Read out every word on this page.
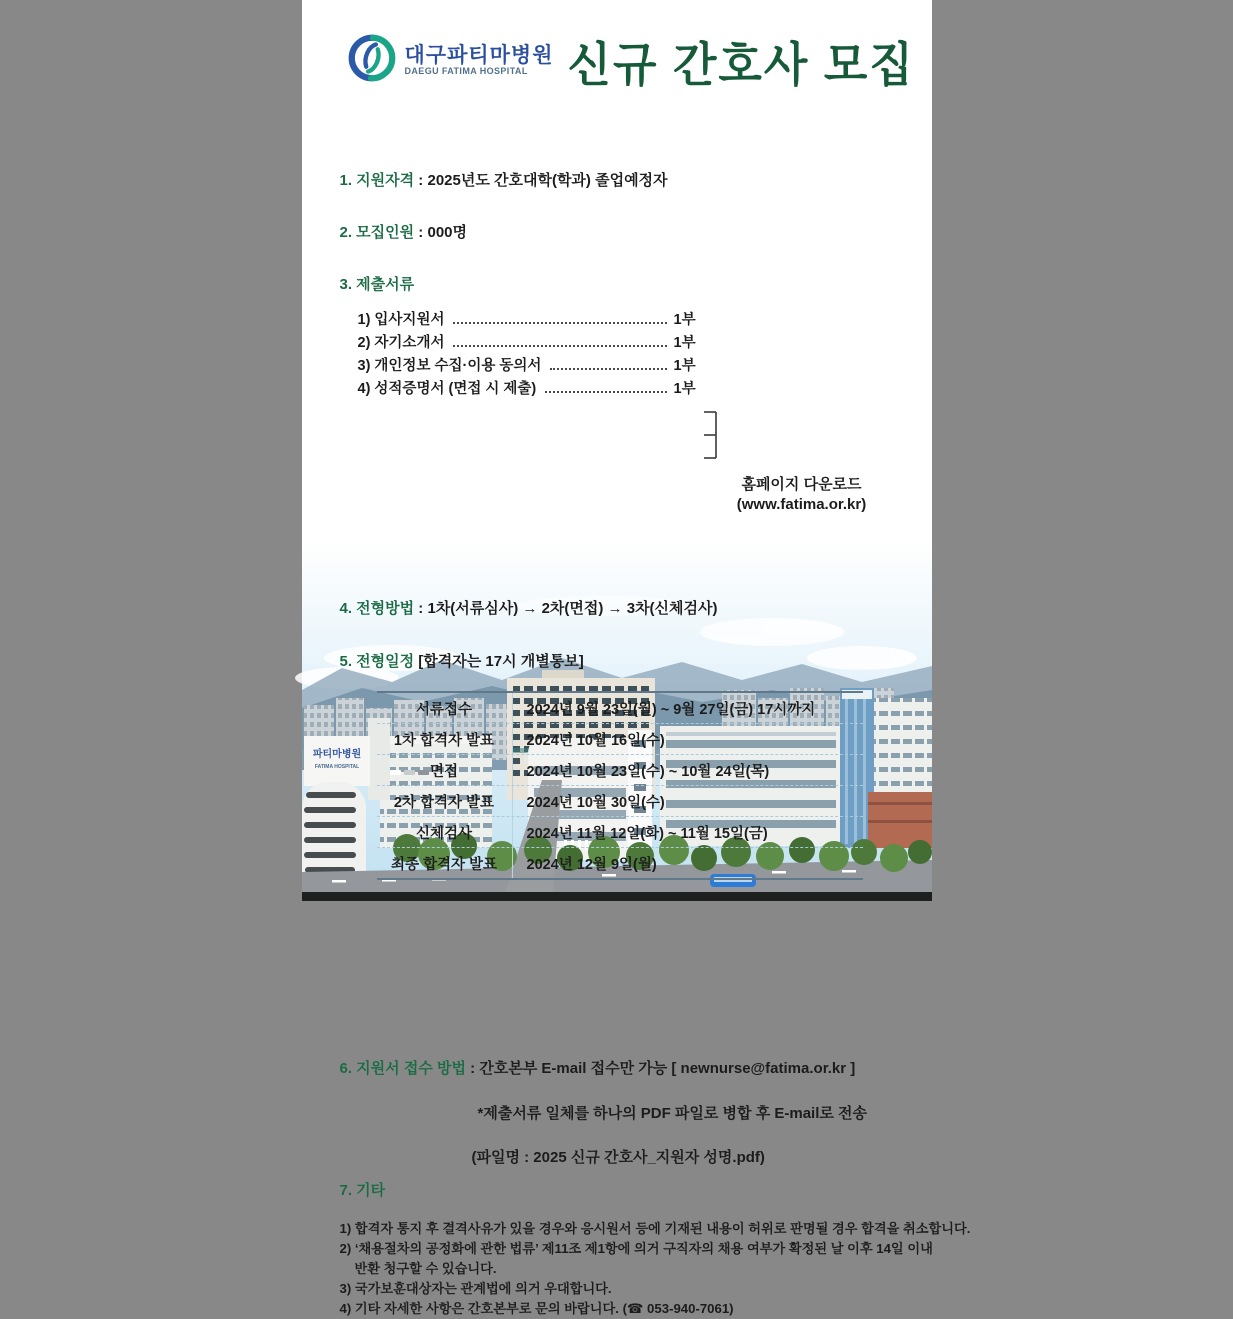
대구파티마병원
DAEGU FATIMA HOSPITAL 신규 간호사 모집
1. 지원자격 : 2025년도 간호대학(학과) 졸업예정자
2. 모집인원 : 000명
3. 제출서류
1) 입사지원서	1부
2) 자기소개서	1부
3) 개인정보 수집·이용 동의서	1부
4) 성적증명서 (면접 시 제출)	1부
홈페이지 다운로드
(www.fatima.or.kr)
4. 전형방법 : 1차(서류심사) → 2차(면접) → 3차(신체검사)
5. 전형일정 [합격자는 17시 개별통보]
서류접수	2024년 9월 23일(월) ~ 9월 27일(금) 17시까지
1차 합격자 발표	2024년 10월 16일(수)
면접	2024년 10월 23일(수) ~ 10월 24일(목)
2차 합격자 발표	2024년 10월 30일(수)
신체검사	2024년 11월 12일(화) ~ 11월 15일(금)
최종 합격자 발표	2024년 12월 9일(월)
6. 지원서 접수 방법 : 간호본부 E-mail 접수만 가능 [ newnurse@fatima.or.kr ]
*제출서류 일체를 하나의 PDF 파일로 병합 후 E-mail로 전송
(파일명 : 2025 신규 간호사_지원자 성명.pdf)
7. 기타
1) 합격자 통지 후 결격사유가 있을 경우와 응시원서 등에 기재된 내용이 허위로 판명될 경우 합격을 취소합니다.
2) ‘채용절차의 공정화에 관한 법류’ 제11조 제1항에 의거 구직자의 채용 여부가 확정된 날 이후 14일 이내
반환 청구할 수 있습니다.
3) 국가보훈대상자는 관계법에 의거 우대합니다.
4) 기타 자세한 사항은 간호본부로 문의 바랍니다. (☎ 053-940-7061)
파티마병원
FATIMA HOSPITAL
